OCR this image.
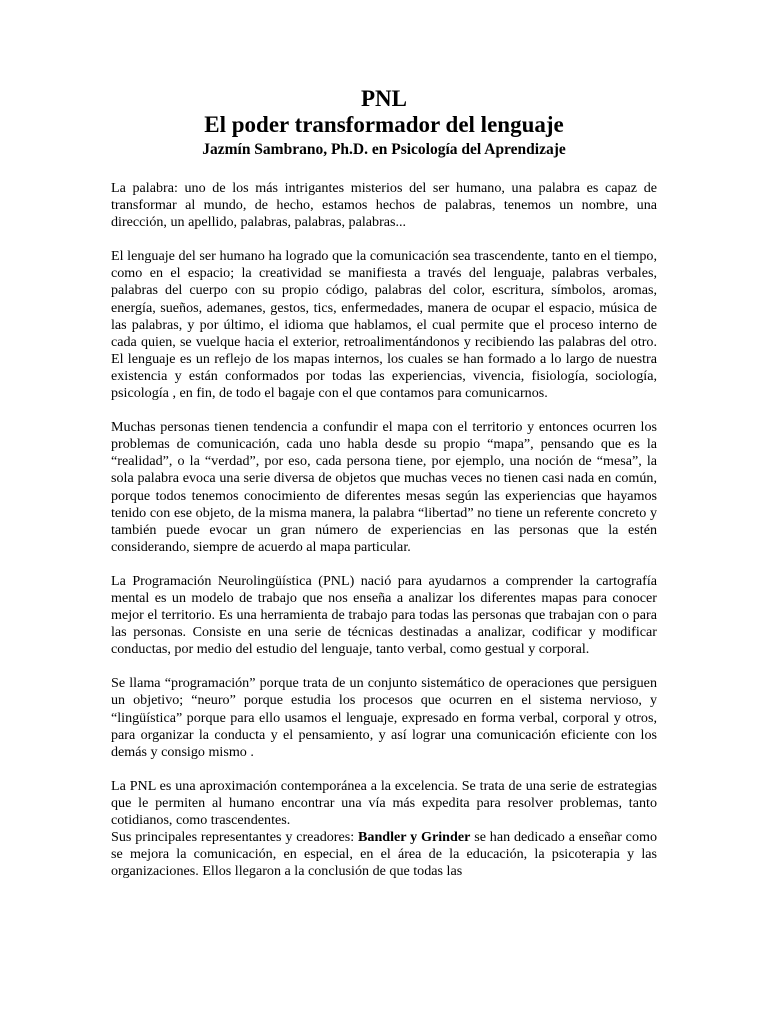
PNL

El poder transformador del lenguaje

Jazmín Sambrano, Ph.D. en Psicología del Aprendizaje

La palabra: uno de los más intrigantes misterios del ser humano, una palabra es capaz de transformar al mundo, de hecho, estamos hechos de palabras, tenemos un nombre, una dirección, un apellido, palabras, palabras, palabras...

El lenguaje del ser humano ha logrado que la comunicación sea trascendente, tanto en el tiempo, como en el espacio; la creatividad se manifiesta a través del lenguaje, palabras verbales, palabras del cuerpo con su propio código, palabras del color, escritura, símbolos, aromas, energía, sueños, ademanes, gestos, tics, enfermedades, manera de ocupar el espacio, música de las palabras, y por último, el idioma que hablamos, el cual permite que el proceso interno de cada quien, se vuelque hacia el exterior, retroalimentándonos y recibiendo las palabras del otro. El lenguaje es un reflejo de los mapas internos, los cuales se han formado a lo largo de nuestra existencia y están conformados por todas las experiencias, vivencia, fisiología, sociología, psicología , en fin, de todo el bagaje con el que contamos para comunicarnos.

Muchas personas tienen tendencia a confundir el mapa con el territorio y entonces ocurren los problemas de comunicación, cada uno habla desde su propio “mapa”, pensando que es la “realidad”, o la “verdad”, por eso, cada persona tiene, por ejemplo, una noción de “mesa”, la sola palabra evoca una serie diversa de objetos que muchas veces no tienen casi nada en común, porque todos tenemos conocimiento de diferentes mesas según las experiencias que hayamos tenido con ese objeto, de la misma manera, la palabra “libertad” no tiene un referente concreto y también puede evocar un gran número de experiencias en las personas que la estén considerando, siempre de acuerdo al mapa particular.

La Programación Neurolingüística (PNL) nació para ayudarnos a comprender la cartografía mental es un modelo de trabajo que nos enseña a analizar los diferentes mapas para conocer mejor el territorio. Es una herramienta de trabajo para todas las personas que trabajan con o para las personas. Consiste en una serie de técnicas destinadas a analizar, codificar y modificar conductas, por medio del estudio del lenguaje, tanto verbal, como gestual y corporal.

Se llama “programación” porque trata de un conjunto sistemático de operaciones que persiguen un objetivo; “neuro” porque estudia los procesos que ocurren en el sistema nervioso, y “lingüística” porque para ello usamos el lenguaje, expresado en forma verbal, corporal y otros, para organizar la conducta y el pensamiento, y así lograr una comunicación eficiente con los demás y consigo mismo .

La PNL es una aproximación contemporánea a la excelencia. Se trata de una serie de estrategias que le permiten al humano encontrar una vía más expedita para resolver problemas, tanto cotidianos, como trascendentes.

Sus principales representantes y creadores: Bandler y Grinder se han dedicado a enseñar como se mejora la comunicación, en especial, en el área de la educación, la psicoterapia y las organizaciones. Ellos llegaron a la conclusión de que todas las
